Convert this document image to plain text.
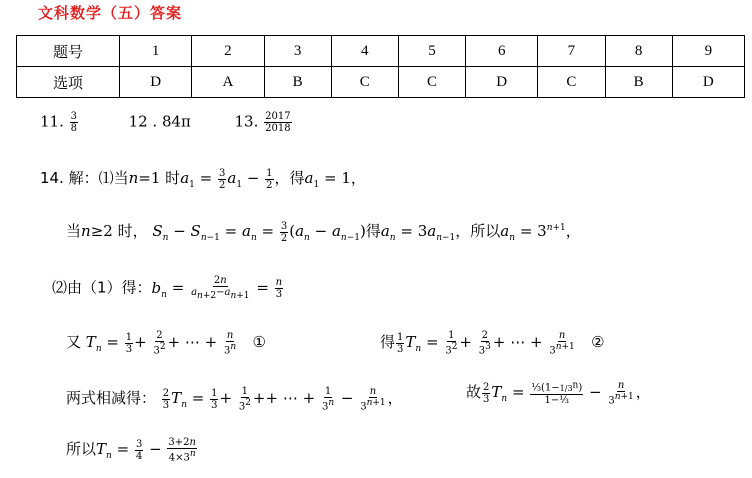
文科数学（五）答案
题号	1	2	3	4	5	6	7	8	9
选项	D	A	B	C	C	D	C	B	D
11. $\frac{3}{8}$	12 . 84π	13. $\frac{2017}{2018}$
14. 解：⑴当n=1 时$a_1 = \frac{3}{2} a_1 - \frac{1}{2}$ ，得$a_1 = 1$，
当n≥2 时， $S_n - S_{n-1} = a_n = \frac{3}{2} (a_n - a_{n-1})$得$a_n = 3a_{n-1}$，所以$a_n = 3^{n+1}$，
⑵由（1）得：$b_n = \frac{2n}{a_{n+2}-a_{n+1}} = \frac{n}{3}$
又 $T_n = \frac{1}{3} + \frac{2}{3^2}$ + ⋯ + $\frac{n}{3^n}$ ①	得 $\frac{1}{3} T_n = \frac{1}{3^2} + \frac{2}{3^3}$ + ⋯ + $\frac{n}{3^{n+1}}$ ②
两式相减得： $\frac{2}{3} T_n = \frac{1}{3} + \frac{1}{3^2}$ ++ ⋯ + $\frac{1}{3^n} - \frac{n}{3^{n+1}}$ ，	故 $\frac{2}{3} T_n = \frac{\frac{1}{3}(1-1/3^n)}{\text{1−⅓}} - \frac{n}{3^{n+1}}$ ，
所以$T_n = \frac{3}{4} - \frac{3+2n}{4\times 3^n}$
